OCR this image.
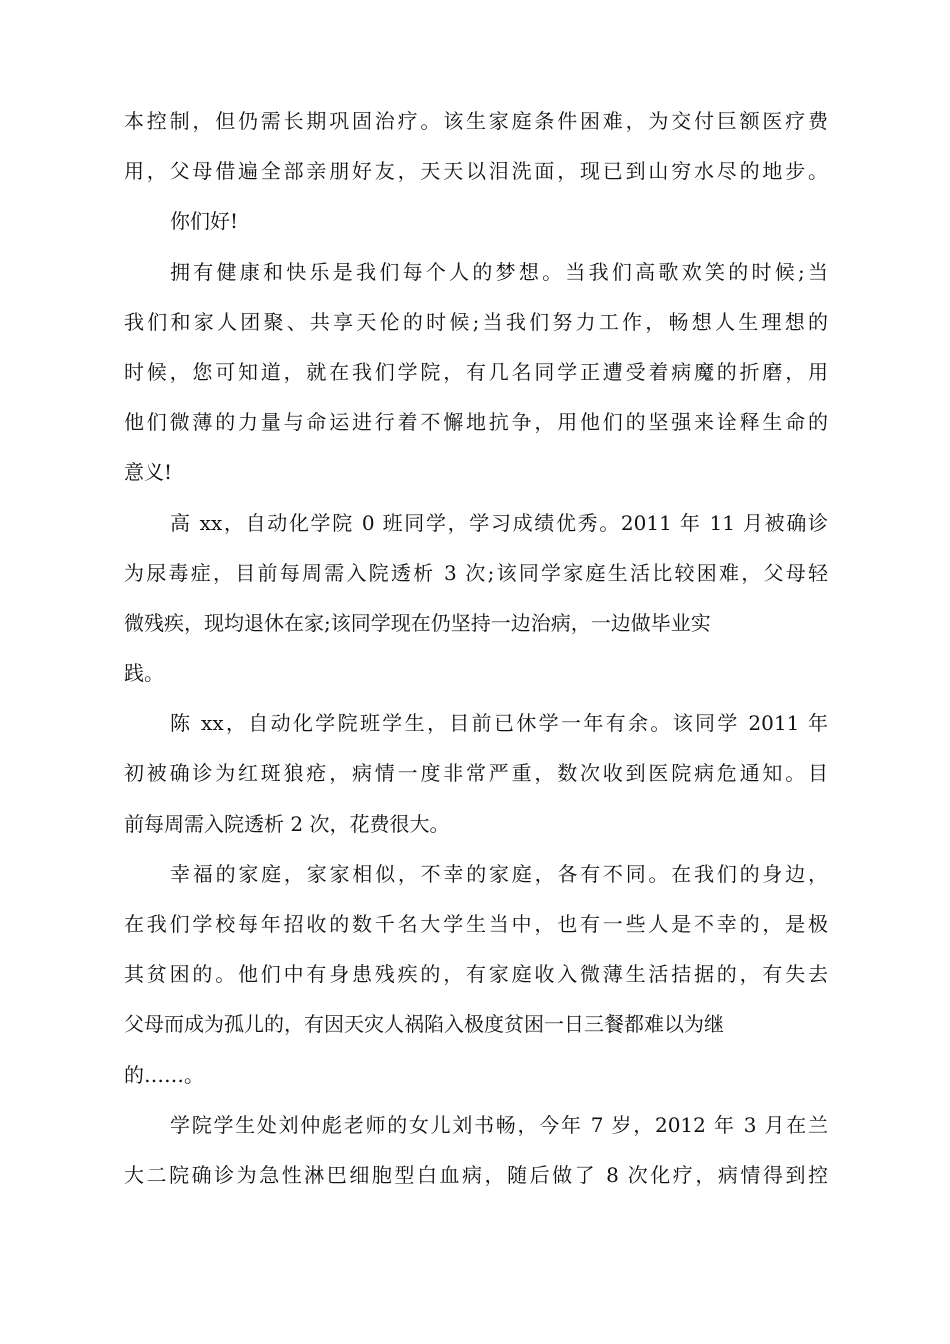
本控制，但仍需长期巩固治疗。该生家庭条件困难，为交付巨额医疗费
用，父母借遍全部亲朋好友，天天以泪洗面，现已到山穷水尽的地步。
你们好!
拥有健康和快乐是我们每个人的梦想。当我们高歌欢笑的时候;当
我们和家人团聚、共享天伦的时候;当我们努力工作，畅想人生理想的
时候，您可知道，就在我们学院，有几名同学正遭受着病魔的折磨，用
他们微薄的力量与命运进行着不懈地抗争，用他们的坚强来诠释生命的
意义!
高 xx，自动化学院 0 班同学，学习成绩优秀。2011 年 11 月被确诊
为尿毒症，目前每周需入院透析 3 次;该同学家庭生活比较困难，父母轻
微残疾，现均退休在家;该同学现在仍坚持一边治病，一边做毕业实
践。
陈 xx，自动化学院班学生，目前已休学一年有余。该同学 2011 年
初被确诊为红斑狼疮，病情一度非常严重，数次收到医院病危通知。目
前每周需入院透析 2 次，花费很大。
幸福的家庭，家家相似，不幸的家庭，各有不同。在我们的身边，
在我们学校每年招收的数千名大学生当中，也有一些人是不幸的，是极
其贫困的。他们中有身患残疾的，有家庭收入微薄生活拮据的，有失去
父母而成为孤儿的，有因天灾人祸陷入极度贫困一日三餐都难以为继
的……。
学院学生处刘仲彪老师的女儿刘书畅，今年 7 岁，2012 年 3 月在兰
大二院确诊为急性淋巴细胞型白血病，随后做了 8 次化疗，病情得到控
